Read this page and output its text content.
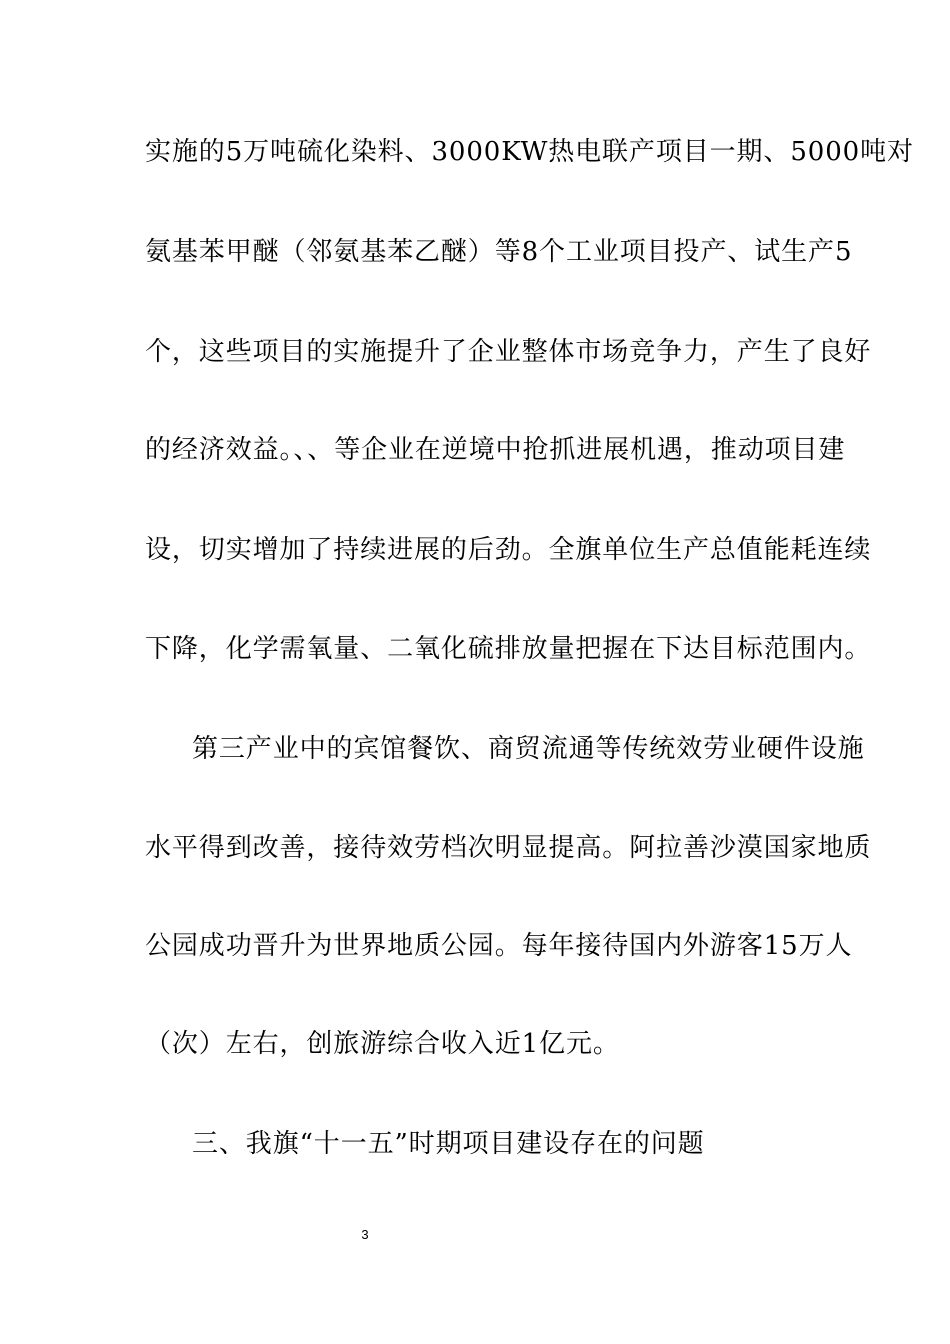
实施的5万吨硫化染料、3000KW热电联产项目一期、5000吨对
氨基苯甲醚（邻氨基苯乙醚）等8个工业项目投产、试生产5
个，这些项目的实施提升了企业整体市场竞争力，产生了良好
的经济效益。、、等企业在逆境中抢抓进展机遇，推动项目建
设，切实增加了持续进展的后劲。全旗单位生产总值能耗连续
下降，化学需氧量、二氧化硫排放量把握在下达目标范围内。
第三产业中的宾馆餐饮、商贸流通等传统效劳业硬件设施
水平得到改善，接待效劳档次明显提高。阿拉善沙漠国家地质
公园成功晋升为世界地质公园。每年接待国内外游客15万人
（次）左右，创旅游综合收入近1亿元。
三、我旗“十一五”时期项目建设存在的问题
3
